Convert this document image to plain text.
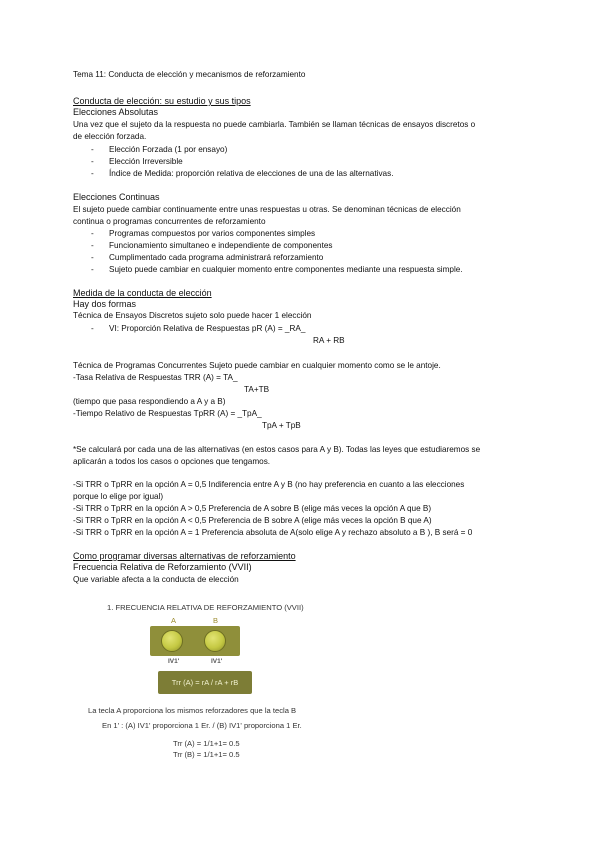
Tema 11: Conducta de elección y mecanismos de reforzamiento
Conducta de elección: su estudio y sus tipos
Elecciones Absolutas
Una vez que el sujeto da la respuesta no puede cambiarla. También se llaman técnicas de ensayos discretos o
de elección forzada.
- Elección Forzada (1 por ensayo)
- Elección Irreversible
- Índice de Medida: proporción relativa de elecciones de una de las alternativas.
Elecciones Continuas
El sujeto puede cambiar continuamente entre unas respuestas u otras. Se denominan técnicas de elección
continua o programas concurrentes de reforzamiento
- Programas compuestos por varios componentes simples
- Funcionamiento simultaneo e independiente de componentes
- Cumplimentado cada programa administrará reforzamiento
- Sujeto puede cambiar en cualquier momento entre componentes mediante una respuesta simple.
Medida de la conducta de elección
Hay dos formas
Técnica de Ensayos Discretos sujeto solo puede hacer 1 elección
- VI: Proporción Relativa de Respuestas pR (A) = _RA_
RA + RB
Técnica de Programas Concurrentes Sujeto puede cambiar en cualquier momento como se le antoje.
-Tasa Relativa de Respuestas TRR (A) = TA_
TA+TB
(tiempo que pasa respondiendo a A y a B)
-Tiempo Relativo de Respuestas TpRR (A) = _TpA_
TpA + TpB
*Se calculará por cada una de las alternativas (en estos casos para A y B). Todas las leyes que estudiaremos se
aplicarán a todos los casos o opciones que tengamos.
-Si TRR o TpRR en la opción A = 0,5 Indiferencia entre A y B (no hay preferencia en cuanto a las elecciones
porque lo elige por igual)
-Si TRR o TpRR en la opción A > 0,5 Preferencia de A sobre B (elige más veces la opción A que B)
-Si TRR o TpRR en la opción A < 0,5 Preferencia de B sobre A (elige más veces la opción B que A)
-Si TRR o TpRR en la opción A = 1 Preferencia absoluta de A(solo elige A y rechazo absoluto a B ), B será = 0
Como programar diversas alternativas de reforzamiento
Frecuencia Relativa de Reforzamiento (VVII)
Que variable afecta a la conducta de elección
1. FRECUENCIA RELATIVA DE REFORZAMIENTO (VVII)
A	B
IV1'	IV1'
Trr (A) = rA / rA + rB
La tecla A proporciona los mismos reforzadores que la tecla B
En 1' : (A) IV1' proporciona 1 Er. / (B) IV1' proporciona 1 Er.
Trr (A) = 1/1+1= 0.5
Trr (B) = 1/1+1= 0.5
